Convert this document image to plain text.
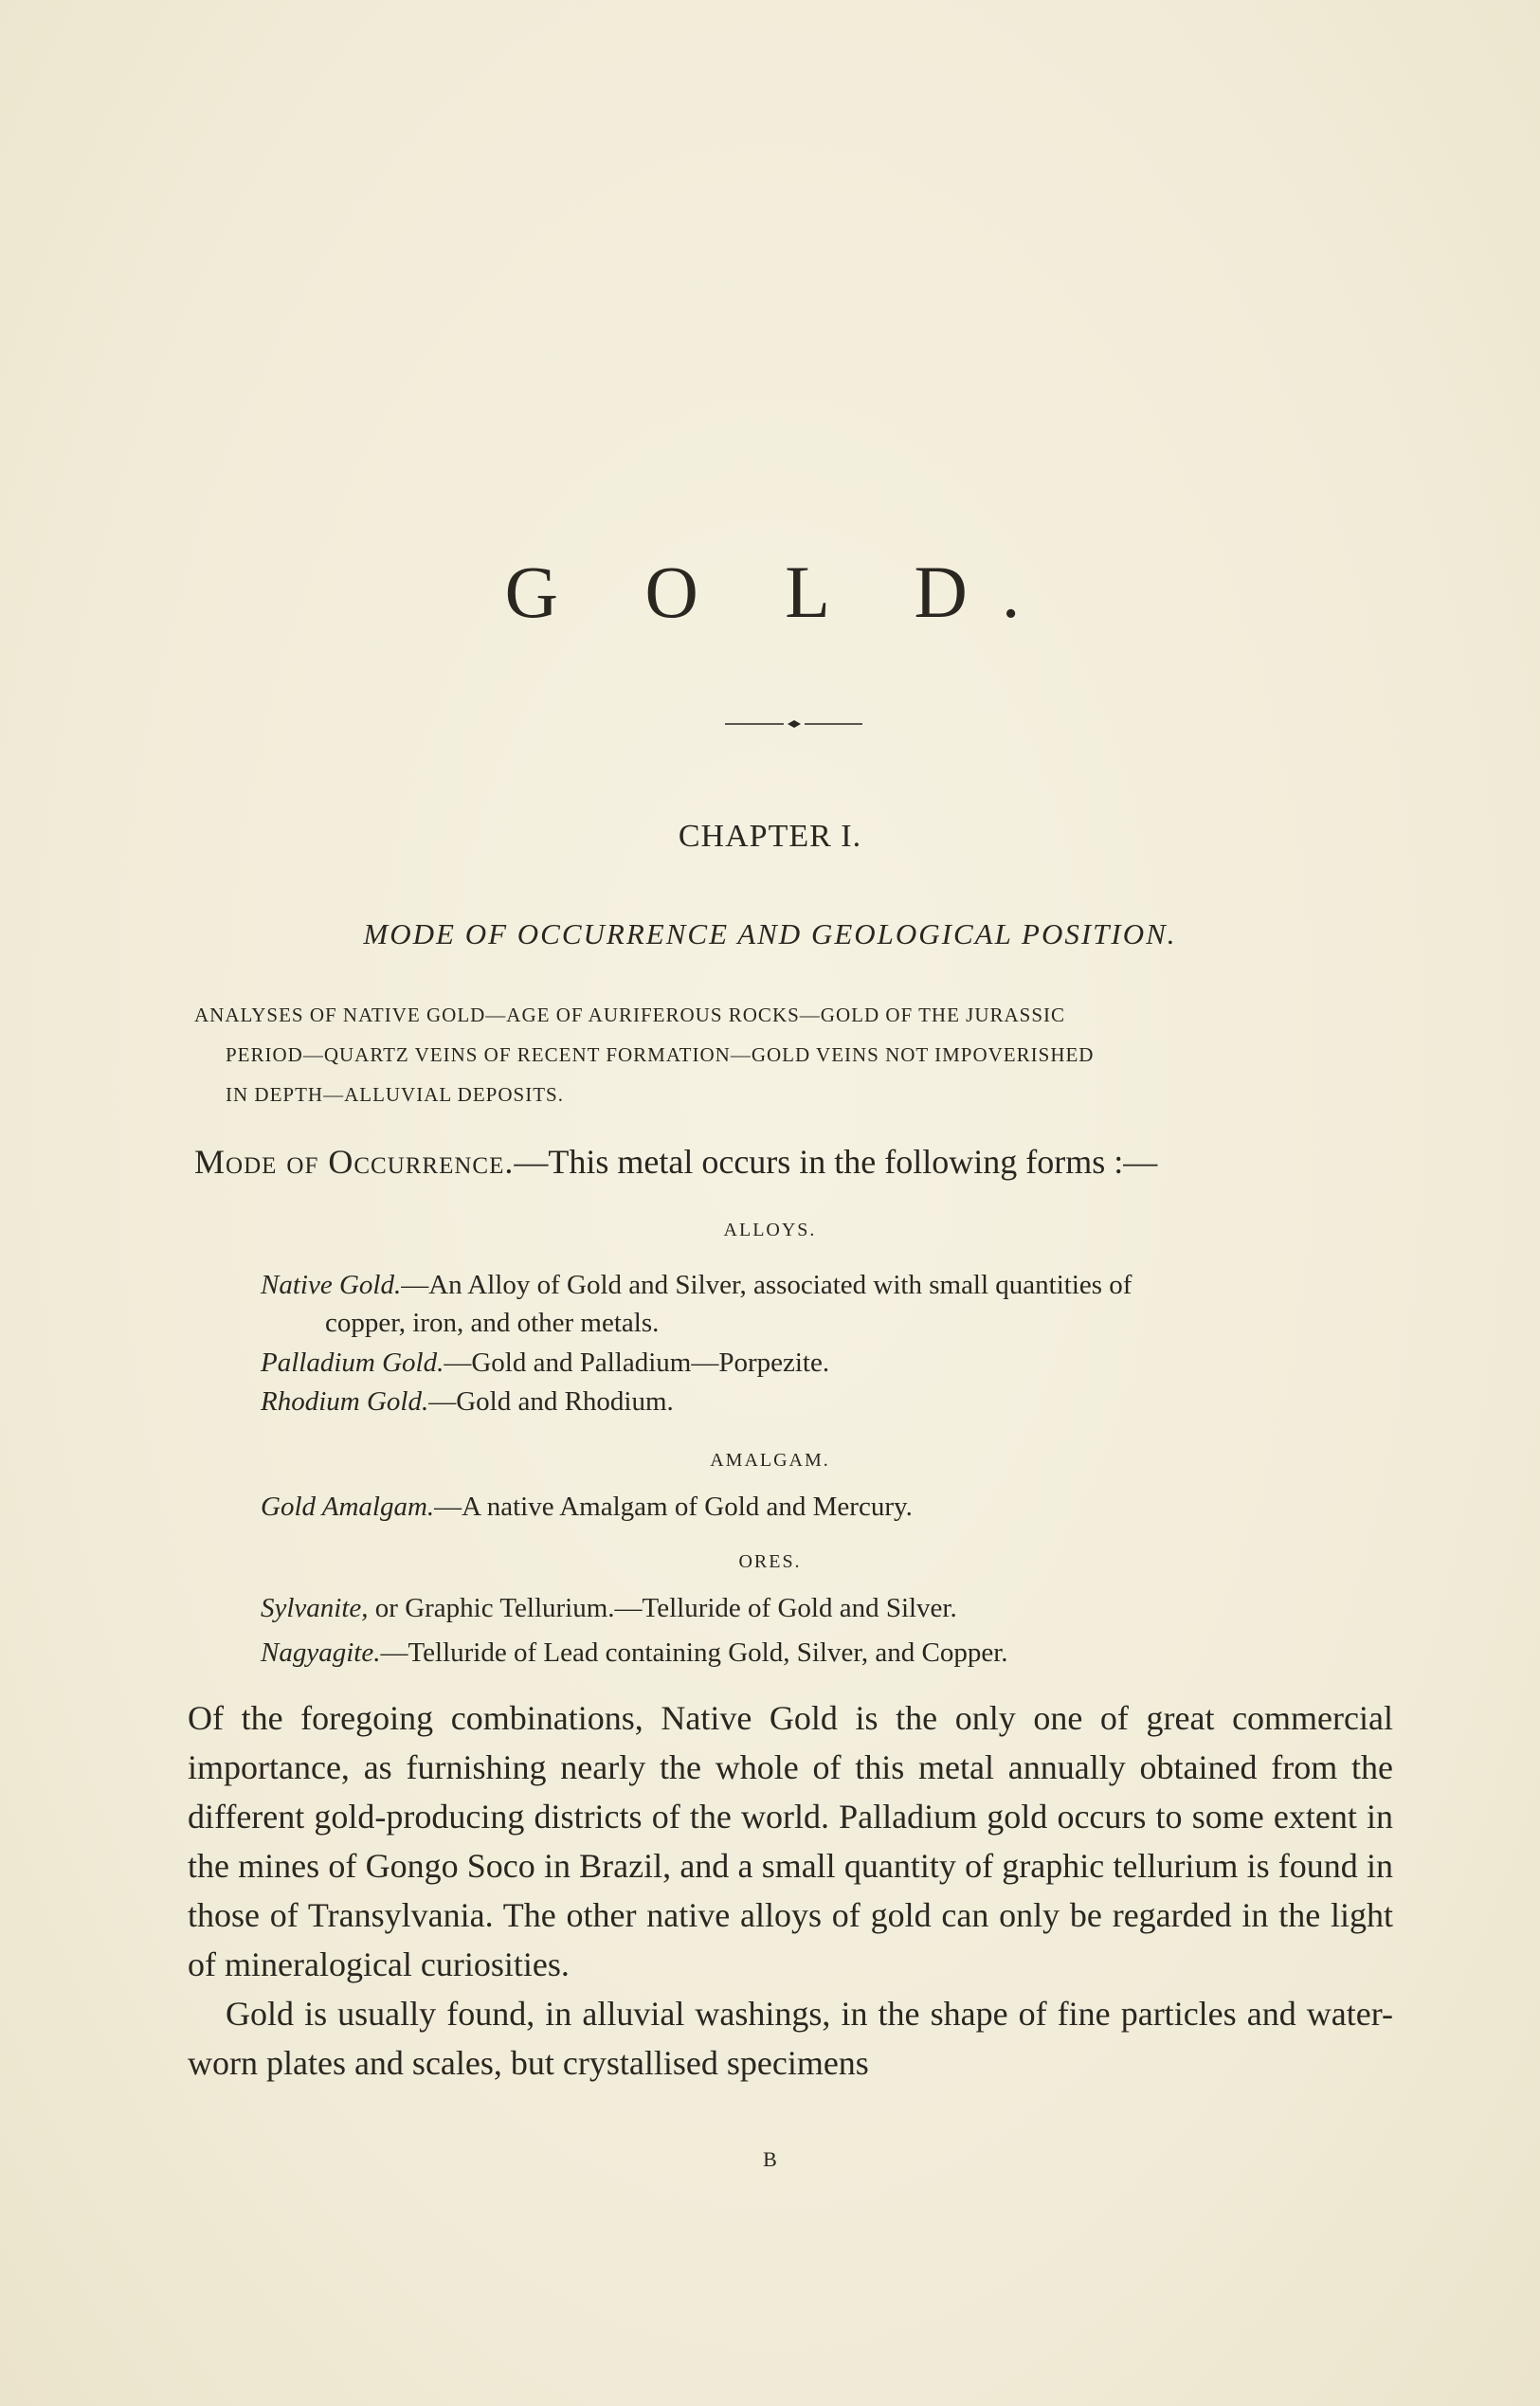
G O L D.
CHAPTER I.
MODE OF OCCURRENCE AND GEOLOGICAL POSITION.
ANALYSES OF NATIVE GOLD—AGE OF AURIFEROUS ROCKS—GOLD OF THE JURASSIC
PERIOD—QUARTZ VEINS OF RECENT FORMATION—GOLD VEINS NOT IMPOVERISHED
IN DEPTH—ALLUVIAL DEPOSITS.
Mode of Occurrence.—This metal occurs in the following forms :—
ALLOYS.
Native Gold.—An Alloy of Gold and Silver, associated with small quantities of
copper, iron, and other metals.
Palladium Gold.—Gold and Palladium—Porpezite.
Rhodium Gold.—Gold and Rhodium.
AMALGAM.
Gold Amalgam.—A native Amalgam of Gold and Mercury.
ORES.
Sylvanite, or Graphic Tellurium.—Telluride of Gold and Silver.
Nagyagite.—Telluride of Lead containing Gold, Silver, and Copper.

Of the foregoing combinations, Native Gold is the only one of great commercial importance, as furnishing nearly the whole of this metal annually obtained from the different gold-producing districts of the world. Palladium gold occurs to some extent in the mines of Gongo Soco in Brazil, and a small quantity of graphic tellurium is found in those of Transylvania. The other native alloys of gold can only be regarded in the light of mineralogical curiosities.

Gold is usually found, in alluvial washings, in the shape of fine particles and water-worn plates and scales, but crystallised specimens

B
